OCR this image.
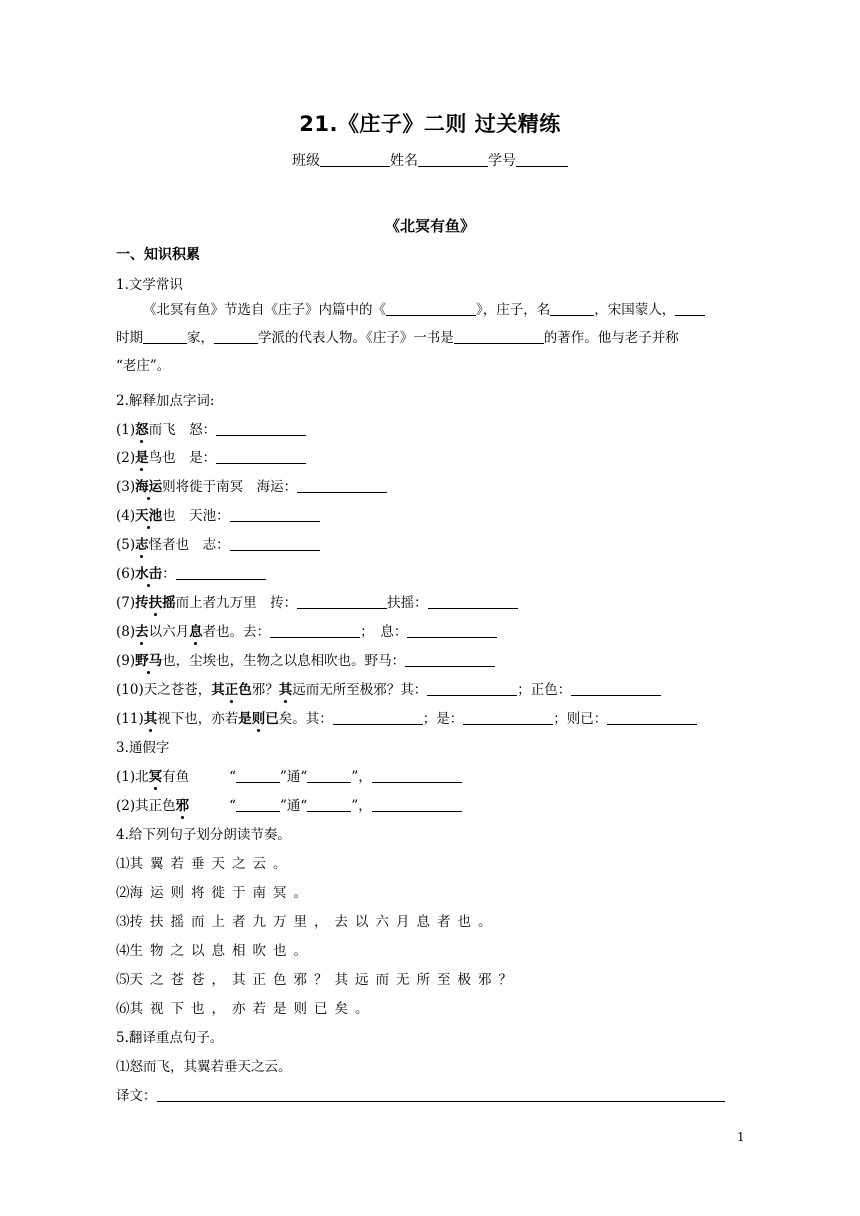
21.《庄子》二则 过关精练
班级	姓名	学号
《北冥有鱼》
一、知识积累
1.文学常识
《北冥有鱼》节选自《庄子》内篇中的《	》，庄子，名	，宋国蒙人，
时期	家，	学派的代表人物。《庄子》一书是	的著作。他与老子并称
“老庄”。
2.解释加点字词:
(1)怒而飞　怒：
(2)是鸟也　是：
(3)海运则将徙于南冥　海运：
(4)天池也　天池：
(5)志怪者也　志：
(6)水击：
(7)抟扶摇而上者九万里　抟：	扶摇：
(8)去以六月息者也。去：	；　息：
(9)野马也，尘埃也，生物之以息相吹也。野马：
(10)天之苍苍，其正色邪？其远而无所至极邪？其：	；正色：
(11)其视下也，亦若是则已矣。其：	；是：	；则已：
3.通假字
(1)北冥有鱼	“	”通“	”，
(2)其正色邪	“	”通“	”，
4.给下列句子划分朗读节奏。
⑴其翼若垂天之云。
⑵海运则将徙于南冥。
⑶抟扶摇而上者九万里，去以六月息者也。
⑷生物之以息相吹也。
⑸天之苍苍，其正色邪？其远而无所至极邪？
⑹其视下也，亦若是则已矣。
5.翻译重点句子。
⑴怒而飞，其翼若垂天之云。
译文：
1
